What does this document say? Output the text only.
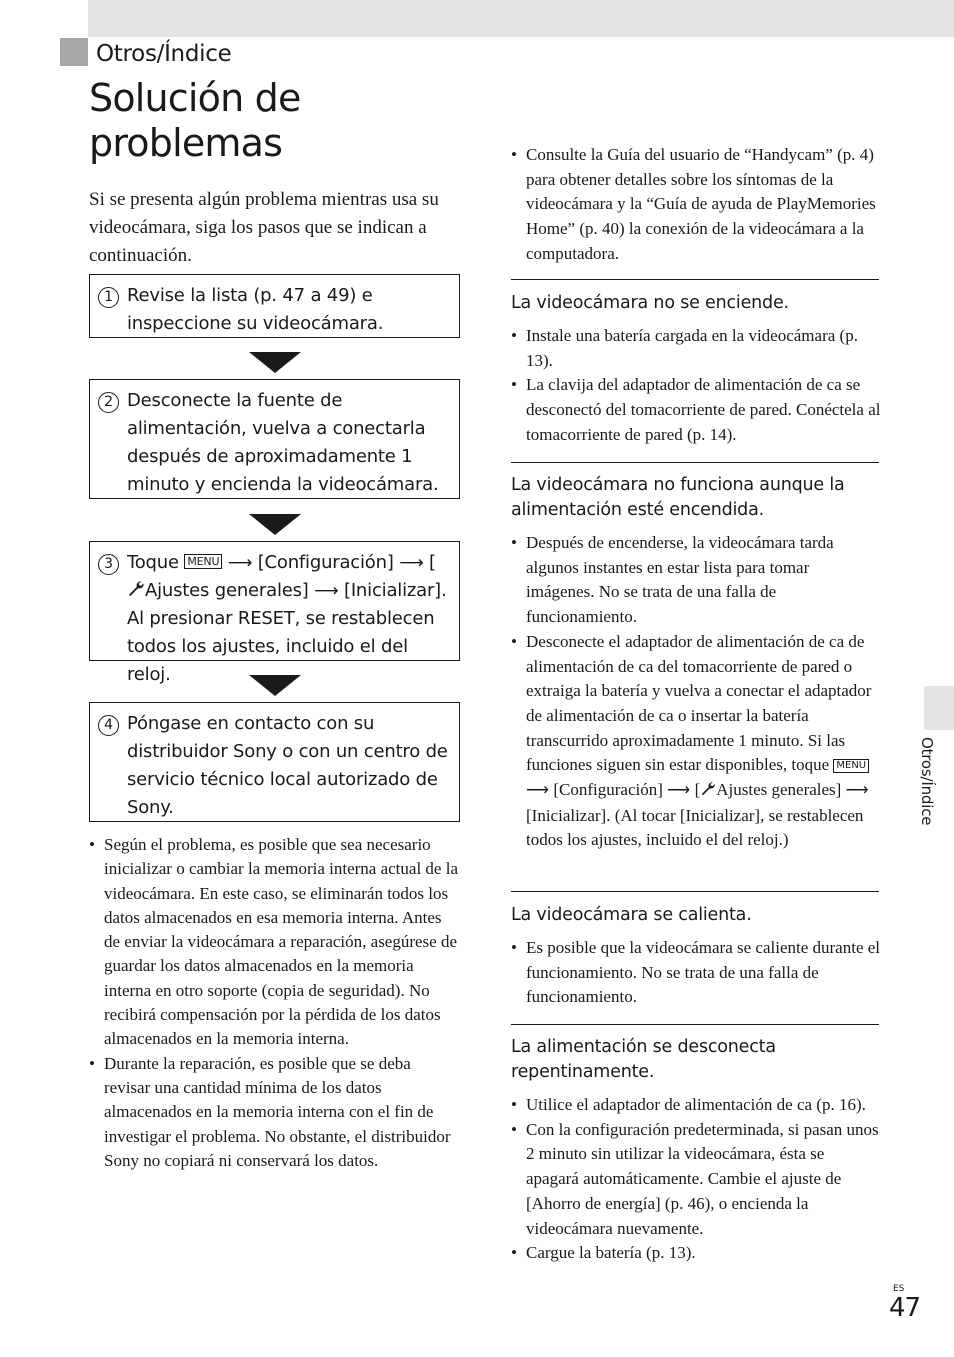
Otros/Índice
Solución de
problemas

Si se presenta algún problema mientras usa su videocámara, siga los pasos que se indican a continuación.

1 Revise la lista (p. 47 a 49) e inspeccione su videocámara.
2 Desconecte la fuente de alimentación, vuelva a conectarla después de aproximadamente 1 minuto y encienda la videocámara.
3 Toque MENU ⟶ [Configuración] ⟶ [Ajustes generales] ⟶ [Inicializar]. Al presionar RESET, se restablecen todos los ajustes, incluido el del reloj.
4 Póngase en contacto con su distribuidor Sony o con un centro de servicio técnico local autorizado de Sony.
• Según el problema, es posible que sea necesario inicializar o cambiar la memoria interna actual de la videocámara. En este caso, se eliminarán todos los datos almacenados en esa memoria interna. Antes de enviar la videocámara a reparación, asegúrese de guardar los datos almacenados en la memoria interna en otro soporte (copia de seguridad). No recibirá compensación por la pérdida de los datos almacenados en la memoria interna.
• Durante la reparación, es posible que se deba revisar una cantidad mínima de los datos almacenados en la memoria interna con el fin de investigar el problema. No obstante, el distribuidor Sony no copiará ni conservará los datos.
• Consulte la Guía del usuario de “Handycam” (p. 4) para obtener detalles sobre los síntomas de la videocámara y la “Guía de ayuda de PlayMemories Home” (p. 40) la conexión de la videocámara a la computadora.
La videocámara no se enciende.
• Instale una batería cargada en la videocámara (p. 13).
• La clavija del adaptador de alimentación de ca se desconectó del tomacorriente de pared. Conéctela al tomacorriente de pared (p. 14).
La videocámara no funciona aunque la alimentación esté encendida.
• Después de encenderse, la videocámara tarda algunos instantes en estar lista para tomar imágenes. No se trata de una falla de funcionamiento.
• Desconecte el adaptador de alimentación de ca de alimentación de ca del tomacorriente de pared o extraiga la batería y vuelva a conectar el adaptador de alimentación de ca o insertar la batería transcurrido aproximadamente 1 minuto. Si las funciones siguen sin estar disponibles, toque MENU ⟶ [Configuración] ⟶ [ Ajustes generales] ⟶ [Inicializar]. (Al tocar [Inicializar], se restablecen todos los ajustes, incluido el del reloj.)
La videocámara se calienta.
• Es posible que la videocámara se caliente durante el funcionamiento. No se trata de una falla de funcionamiento.
La alimentación se desconecta repentinamente.
• Utilice el adaptador de alimentación de ca (p. 16).
• Con la configuración predeterminada, si pasan unos 2 minuto sin utilizar la videocámara, ésta se apagará automáticamente. Cambie el ajuste de [Ahorro de energía] (p. 46), o encienda la videocámara nuevamente.
• Cargue la batería (p. 13).
Otros/Índice
ES
47
